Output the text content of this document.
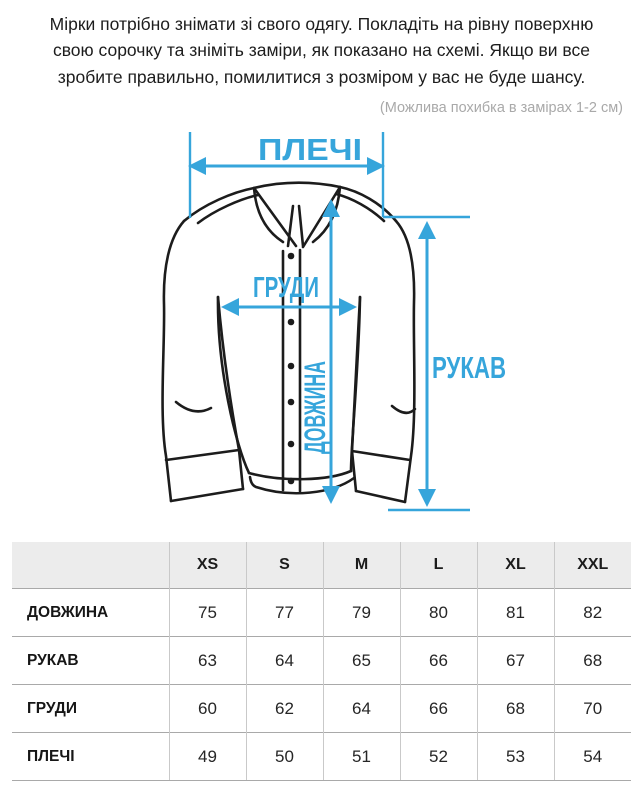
Мірки потрібно знімати зі свого одягу. Покладіть на рівну поверхню свою сорочку та зніміть заміри, як показано на схемі. Якщо ви все зробите правильно, помилитися з розміром у вас не буде шансу.

(Можлива похибка в замірах 1-2 см)

ПЛЕЧІ
ГРУДИ
РУКАВ
ДОВЖИНА
	XS	S	M	L	XL	XXL
ДОВЖИНА	75	77	79	80	81	82
РУКАВ	63	64	65	66	67	68
ГРУДИ	60	62	64	66	68	70
ПЛЕЧІ	49	50	51	52	53	54
